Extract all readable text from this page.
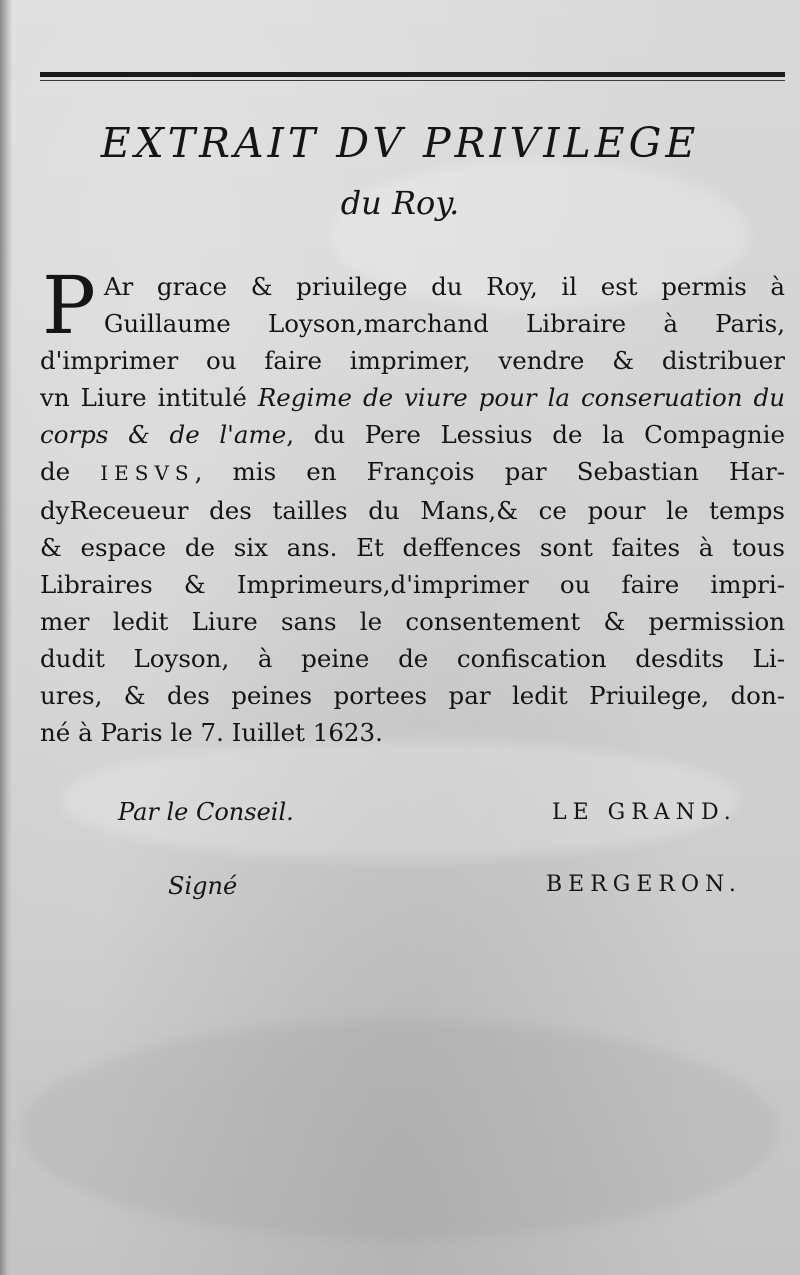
EXTRAIT DV PRIVILEGE
du Roy.
P Ar grace & priuilege du Roy, il est permis à
Guillaume Loyson,marchand Libraire à Paris,
d'imprimer ou faire imprimer, vendre & distribuer
vn Liure intitulé Regime de viure pour la conseruation du
corps & de l'ame, du Pere Lessius de la Compagnie
de IESVS, mis en François par Sebastian Har-
dyReceueur des tailles du Mans,& ce pour le temps
& espace de six ans. Et deffences sont faites à tous
Libraires & Imprimeurs,d'imprimer ou faire impri-
mer ledit Liure sans le consentement & permission
dudit Loyson, à peine de confiscation desdits Li-
ures, & des peines portees par ledit Priuilege, don-
né à Paris le 7. Iuillet 1623.
Par le Conseil.	LE GRAND.
Signé	BERGERON.
